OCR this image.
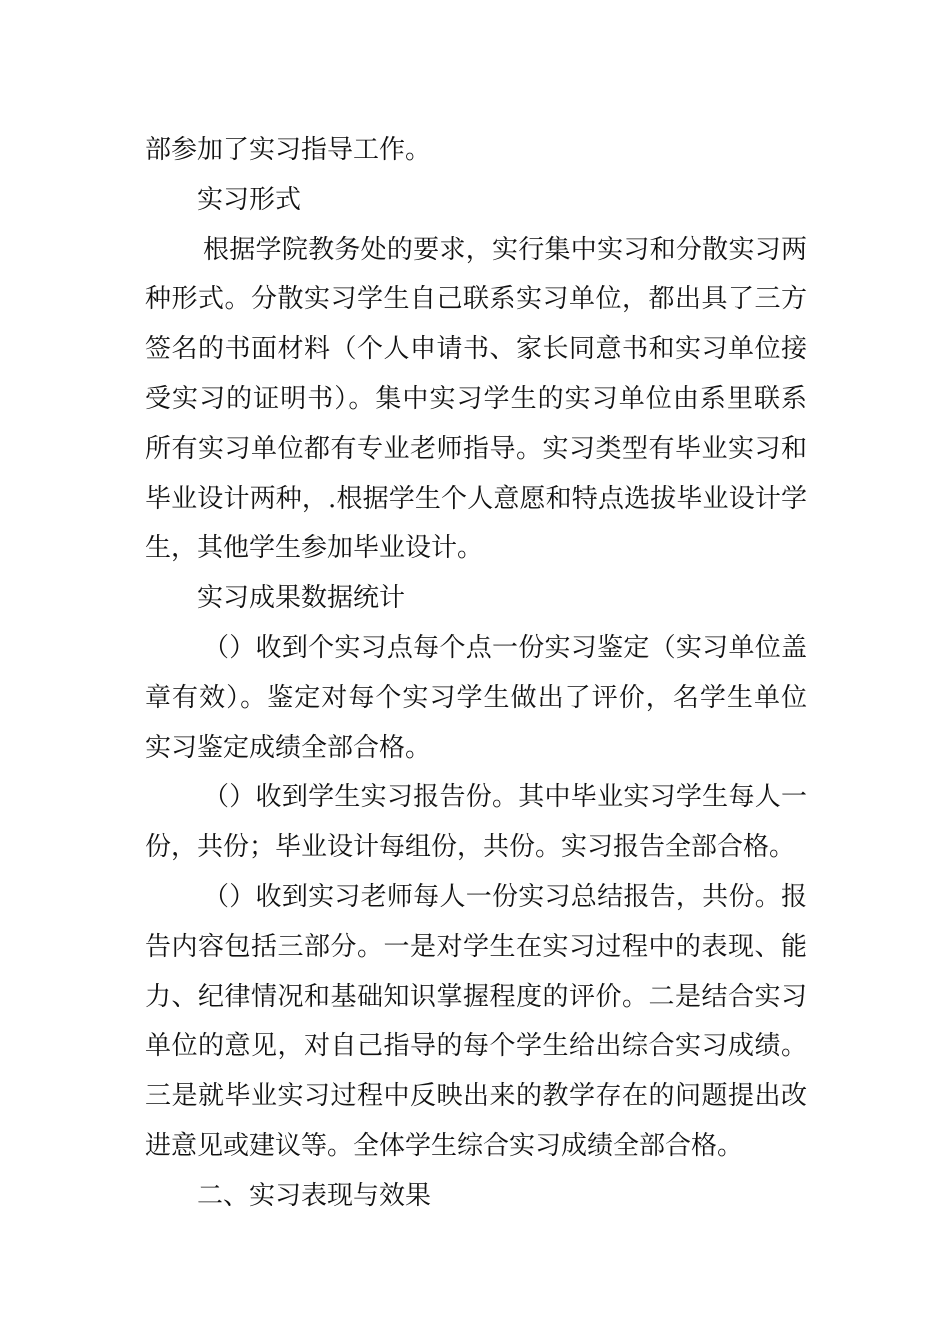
部参加了实习指导工作。

实习形式

根据学院教务处的要求，实行集中实习和分散实习两种形式。分散实习学生自己联系实习单位，都出具了三方签名的书面材料（个人申请书、家长同意书和实习单位接受实习的证明书）。集中实习学生的实习单位由系里联系所有实习单位都有专业老师指导。实习类型有毕业实习和毕业设计两种，.根据学生个人意愿和特点选拔毕业设计学生，其他学生参加毕业设计。

实习成果数据统计

（）收到个实习点每个点一份实习鉴定（实习单位盖章有效）。鉴定对每个实习学生做出了评价，名学生单位实习鉴定成绩全部合格。

（）收到学生实习报告份。其中毕业实习学生每人一份，共份；毕业设计每组份，共份。实习报告全部合格。

（）收到实习老师每人一份实习总结报告，共份。报告内容包括三部分。一是对学生在实习过程中的表现、能力、纪律情况和基础知识掌握程度的评价。二是结合实习单位的意见，对自己指导的每个学生给出综合实习成绩。三是就毕业实习过程中反映出来的教学存在的问题提出改进意见或建议等。全体学生综合实习成绩全部合格。

二、实习表现与效果
